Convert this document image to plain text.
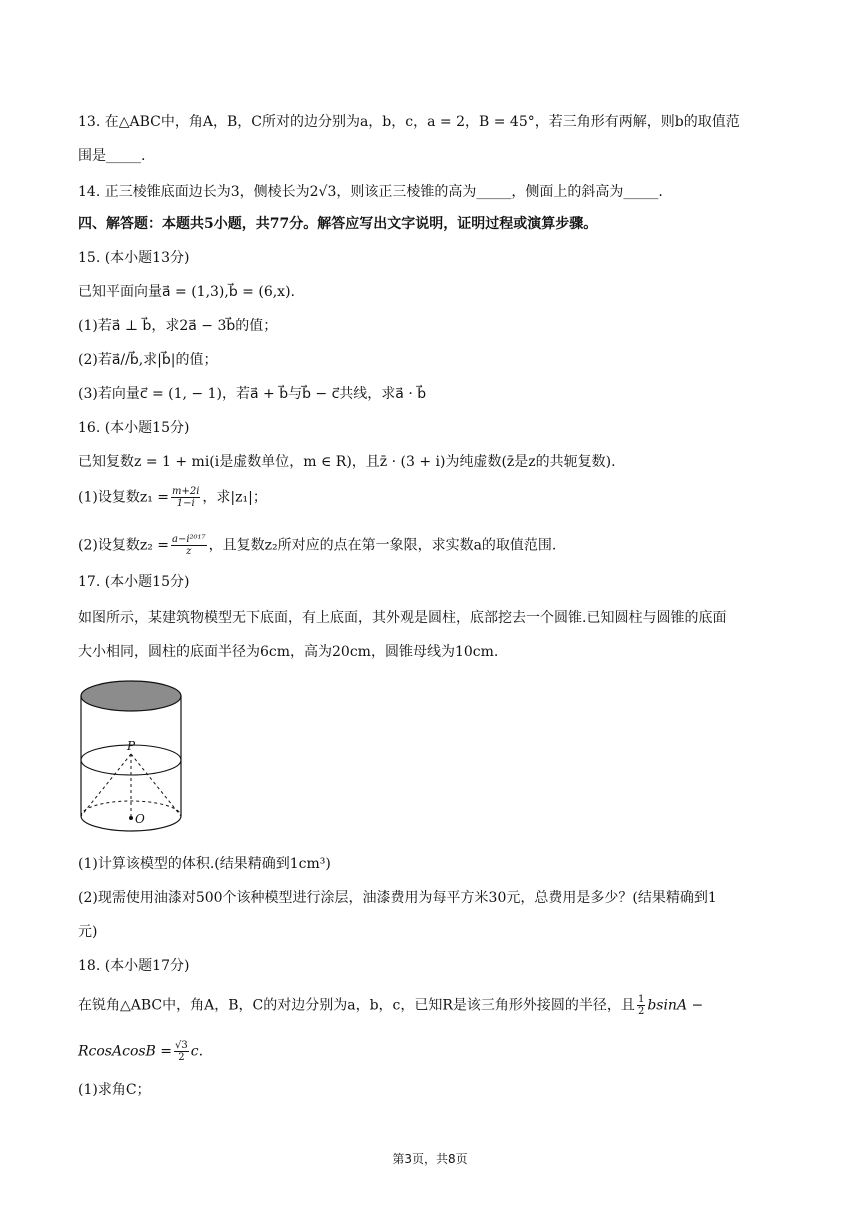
13. 在△ABC中，角A，B，C所对的边分别为a，b，c，a = 2，B = 45°，若三角形有两解，则b的取值范
围是_____.
14. 正三棱锥底面边长为3，侧棱长为2√3，则该正三棱锥的高为_____，侧面上的斜高为_____.
四、解答题：本题共5小题，共77分。解答应写出文字说明，证明过程或演算步骤。
15. (本小题13分)
已知平面向量a⃗ = (1,3),b⃗ = (6,x).
(1)若a⃗ ⊥ b⃗，求2a⃗ − 3b⃗的值；
(2)若a⃗//b⃗,求|b⃗|的值；
(3)若向量c⃗ = (1, − 1)，若a⃗ + b⃗与b⃗ − c⃗共线，求a⃗ · b⃗
16. (本小题15分)
已知复数z = 1 + mi(i是虚数单位，m ∈ R)，且z̄ · (3 + i)为纯虚数(z̄是z的共轭复数).
(1)设复数$z_1 = \frac{m+2i}{1-i}$ ，求|z₁|；
(2)设复数$z_2 = \frac{\text{a−i²⁰¹⁷}}{z}$ ，且复数z₂所对应的点在第一象限，求实数a的取值范围.
17. (本小题15分)
如图所示，某建筑物模型无下底面，有上底面，其外观是圆柱，底部挖去一个圆锥.已知圆柱与圆锥的底面
大小相同，圆柱的底面半径为6cm，高为20cm，圆锥母线为10cm.
P
O
(1)计算该模型的体积.(结果精确到1cm³)
(2)现需使用油漆对500个该种模型进行涂层，油漆费用为每平方米30元，总费用是多少？(结果精确到1
元)
18. (本小题17分)
在锐角△ABC中，角A，B，C的对边分别为a，b，c，已知R是该三角形外接圆的半径，且 $\frac{1}{2}$ bsinA −
RcosAcosB = $\frac{√3}{2} c$.
(1)求角C；
第3页，共8页
